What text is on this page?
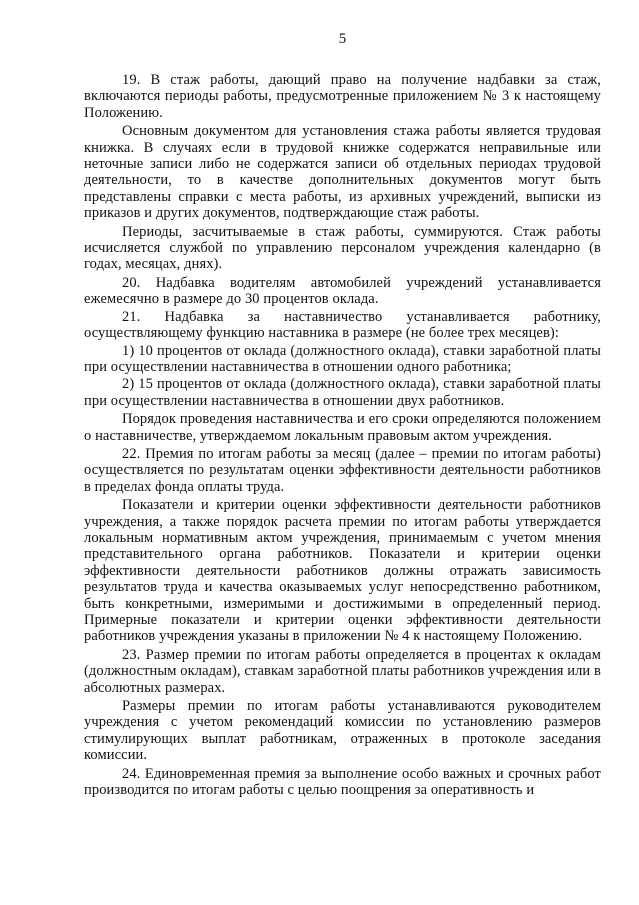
5

19. В стаж работы, дающий право на получение надбавки за стаж, включаются периоды работы, предусмотренные приложением № 3 к настоящему Положению.

Основным документом для установления стажа работы является трудовая книжка. В случаях если в трудовой книжке содержатся неправильные или неточные записи либо не содержатся записи об отдельных периодах трудовой деятельности, то в качестве дополнительных документов могут быть представлены справки с места работы, из архивных учреждений, выписки из приказов и других документов, подтверждающие стаж работы.

Периоды, засчитываемые в стаж работы, суммируются. Стаж работы исчисляется службой по управлению персоналом учреждения календарно (в годах, месяцах, днях).

20. Надбавка водителям автомобилей учреждений устанавливается ежемесячно в размере до 30 процентов оклада.

21. Надбавка за наставничество устанавливается работнику, осуществляющему функцию наставника в размере (не более трех месяцев):

1) 10 процентов от оклада (должностного оклада), ставки заработной платы при осуществлении наставничества в отношении одного работника;

2) 15 процентов от оклада (должностного оклада), ставки заработной платы при осуществлении наставничества в отношении двух работников.

Порядок проведения наставничества и его сроки определяются положением о наставничестве, утверждаемом локальным правовым актом учреждения.

22. Премия по итогам работы за месяц (далее – премии по итогам работы) осуществляется по результатам оценки эффективности деятельности работников в пределах фонда оплаты труда.

Показатели и критерии оценки эффективности деятельности работников учреждения, а также порядок расчета премии по итогам работы утверждается локальным нормативным актом учреждения, принимаемым с учетом мнения представительного органа работников. Показатели и критерии оценки эффективности деятельности работников должны отражать зависимость результатов труда и качества оказываемых услуг непосредственно работником, быть конкретными, измеримыми и достижимыми в определенный период. Примерные показатели и критерии оценки эффективности деятельности работников учреждения указаны в приложении № 4 к настоящему Положению.

23. Размер премии по итогам работы определяется в процентах к окладам (должностным окладам), ставкам заработной платы работников учреждения или в абсолютных размерах.

Размеры премии по итогам работы устанавливаются руководителем учреждения с учетом рекомендаций комиссии по установлению размеров стимулирующих выплат работникам, отраженных в протоколе заседания комиссии.

24. Единовременная премия за выполнение особо важных и срочных работ производится по итогам работы с целью поощрения за оперативность и
